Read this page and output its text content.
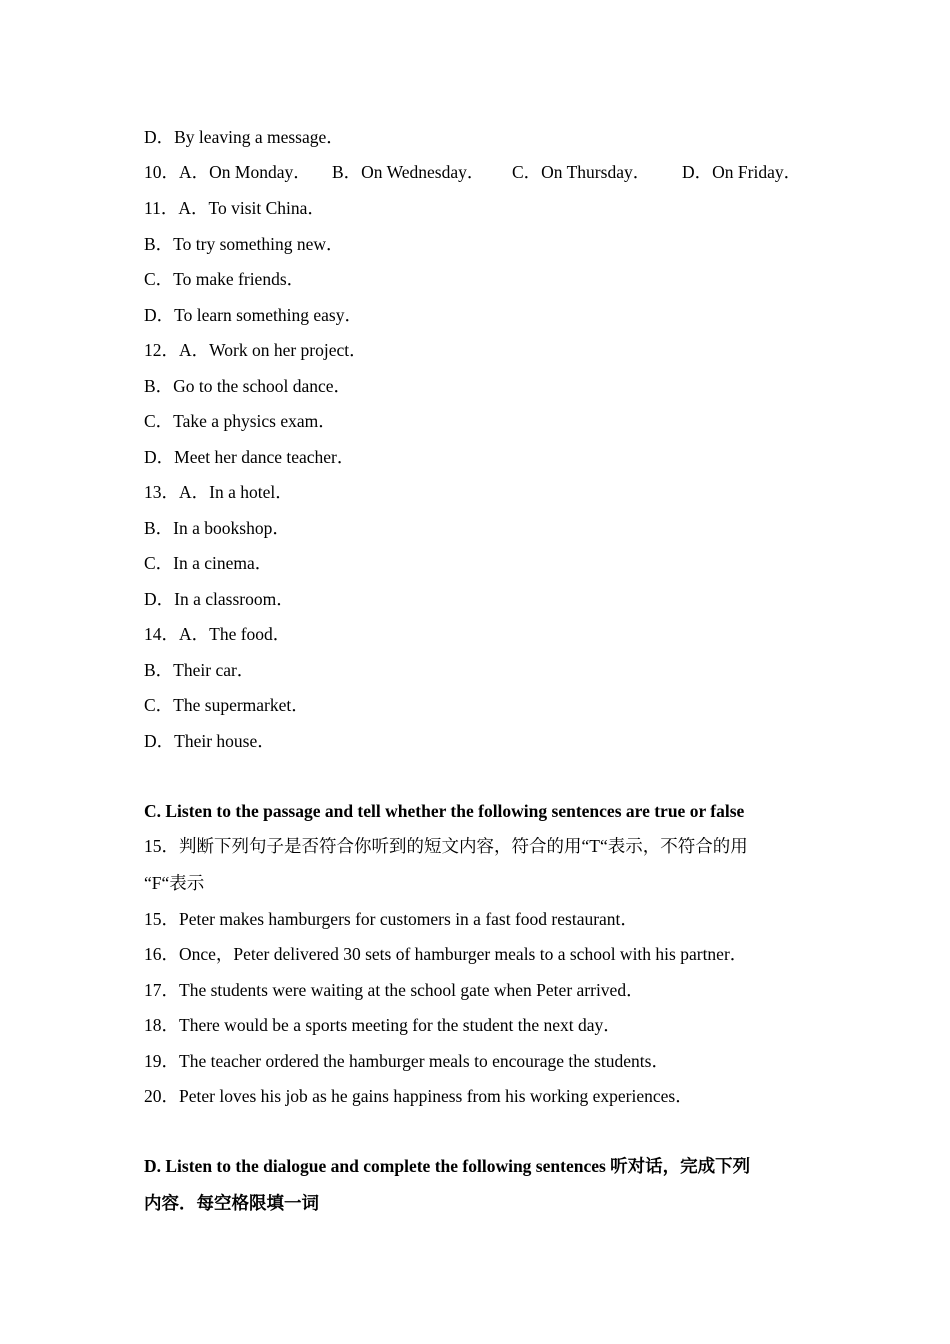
D．By leaving a message．
10．A．On Monday． B．On Wednesday． C．On Thursday． D．On Friday．
11．A．To visit China．
B．To try something new．
C．To make friends．
D．To learn something easy．
12．A．Work on her project．
B．Go to the school dance．
C．Take a physics exam．
D．Meet her dance teacher．
13．A．In a hotel．
B．In a bookshop．
C．In a cinema．
D．In a classroom．
14．A．The food．
B．Their car．
C．The supermarket．
D．Their house．
C. Listen to the passage and tell whether the following sentences are true or false
15．判断下列句子是否符合你听到的短文内容，符合的用“T“表示，不符合的用
“F“表示
15．Peter makes hamburgers for customers in a fast food restaurant．
16．Once，Peter delivered 30 sets of hamburger meals to a school with his partner．
17．The students were waiting at the school gate when Peter arrived．
18．There would be a sports meeting for the student the next day．
19．The teacher ordered the hamburger meals to encourage the students．
20．Peter loves his job as he gains happiness from his working experiences．
D. Listen to the dialogue and complete the following sentences 听对话，完成下列
内容．每空格限填一词
